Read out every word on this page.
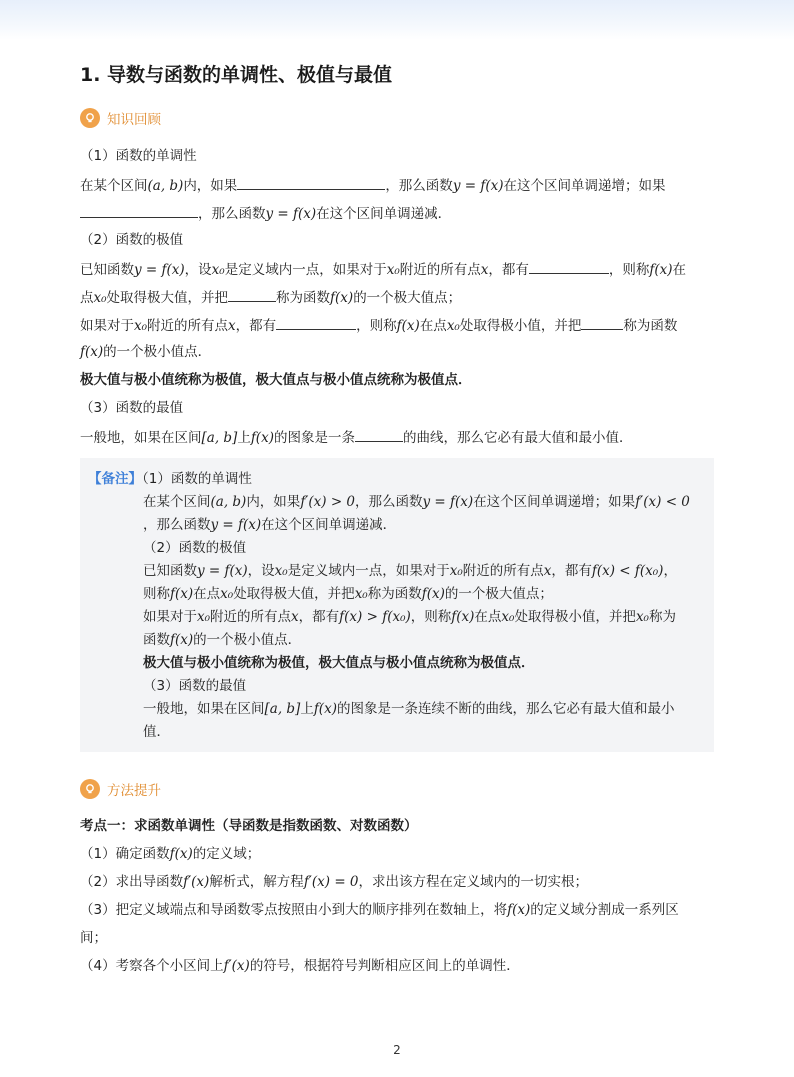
1. 导数与函数的单调性、极值与最值
知识回顾
（1）函数的单调性
在某个区间(a, b)内，如果	，那么函数y = f(x)在这个区间单调递增；如果
，那么函数y = f(x)在这个区间单调递减．
（2）函数的极值
已知函数y = f(x)，设x₀是定义域内一点，如果对于x₀附近的所有点x，都有	，则称f(x)在
点x₀处取得极大值，并把	称为函数f(x)的一个极大值点；
如果对于x₀附近的所有点x，都有	，则称f(x)在点x₀处取得极小值，并把	称为函数
f(x)的一个极小值点．
极大值与极小值统称为极值，极大值点与极小值点统称为极值点．
（3）函数的最值
一般地，如果在区间[a, b]上f(x)的图象是一条	的曲线，那么它必有最大值和最小值．
【备注】（1）函数的单调性
在某个区间(a, b)内，如果f′(x) > 0，那么函数y = f(x)在这个区间单调递增；如果f′(x) < 0
，那么函数y = f(x)在这个区间单调递减．
（2）函数的极值
已知函数y = f(x)，设x₀是定义域内一点，如果对于x₀附近的所有点x，都有f(x) < f(x₀)，
则称f(x)在点x₀处取得极大值，并把x₀称为函数f(x)的一个极大值点；
如果对于x₀附近的所有点x，都有f(x) > f(x₀)，则称f(x)在点x₀处取得极小值，并把x₀称为
函数f(x)的一个极小值点．
极大值与极小值统称为极值，极大值点与极小值点统称为极值点．
（3）函数的最值
一般地，如果在区间[a, b]上f(x)的图象是一条连续不断的曲线，那么它必有最大值和最小
值．
方法提升
考点一：求函数单调性（导函数是指数函数、对数函数）
（1）确定函数f(x)的定义域；
（2）求出导函数f′(x)解析式，解方程f′(x) = 0，求出该方程在定义域内的一切实根；
（3）把定义域端点和导函数零点按照由小到大的顺序排列在数轴上，将f(x)的定义域分割成一系列区
间；
（4）考察各个小区间上f′(x)的符号，根据符号判断相应区间上的单调性．
2
